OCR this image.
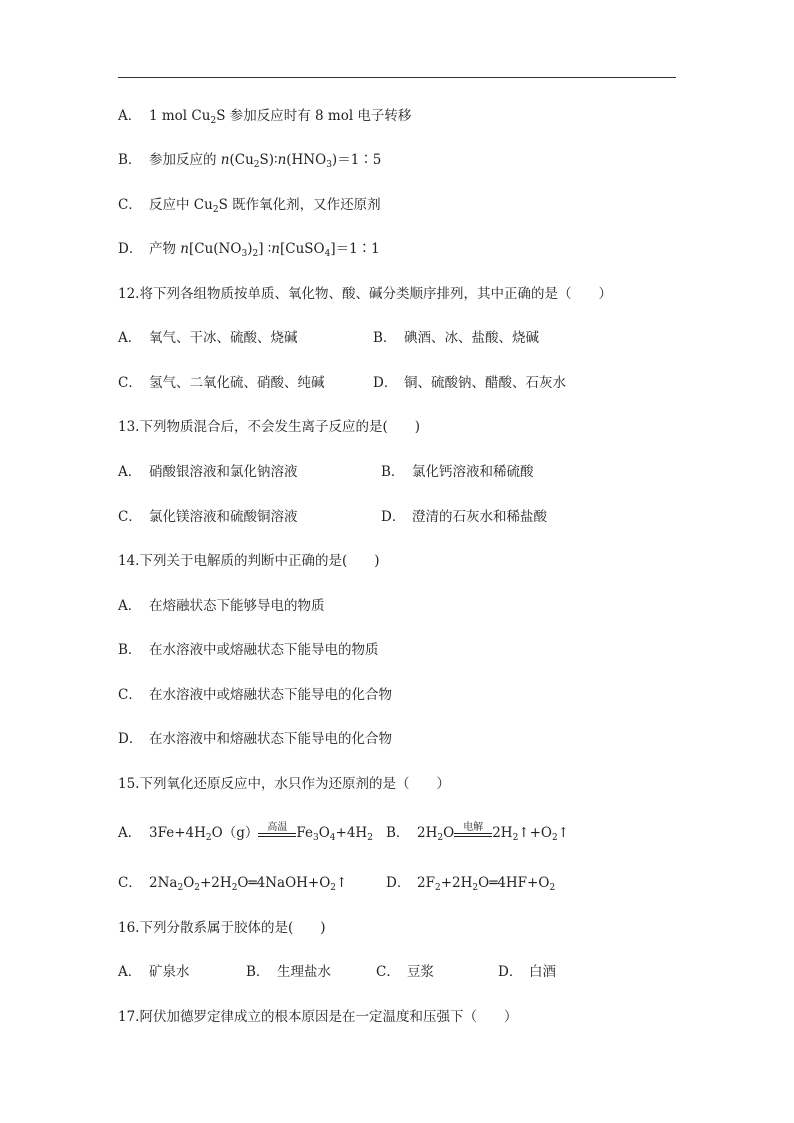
A． 1 mol $Cu_2S$ 参加反应时有 8 mol 电子转移
B． 参加反应的 $n(Cu_2S)∶n(HNO_3)=1∶5$
C． 反应中 $Cu_2S$ 既作氧化剂，又作还原剂
D． 产物 $n[Cu(NO_3)_2]$ ∶n[CuSO$_4$]＝1∶1
12.将下列各组物质按单质、氧化物、酸、碱分类顺序排列，其中正确的是（　　）
A． 氧气、干冰、硫酸、烧碱	B． 碘酒、冰、盐酸、烧碱
C． 氢气、二氧化硫、硝酸、纯碱	D． 铜、硫酸钠、醋酸、石灰水
13.下列物质混合后，不会发生离子反应的是(　　)
A． 硝酸银溶液和氯化钠溶液	B． 氯化钙溶液和稀硫酸
C． 氯化镁溶液和硫酸铜溶液	D． 澄清的石灰水和稀盐酸
14.下列关于电解质的判断中正确的是(　　)
A． 在熔融状态下能够导电的物质
B． 在水溶液中或熔融状态下能导电的物质
C． 在水溶液中或熔融状态下能导电的化合物
D． 在水溶液中和熔融状态下能导电的化合物
15.下列氧化还原反应中，水只作为还原剂的是（　　）
A． $3Fe+4H_2O(g)$ 高温 $Fe_3O_4+4H_2$ B． $2H_2O$ 电解 $2H_2↑+O_2↑$
C． $2Na_2O_2+2H_2O═4NaOH+O_2↑$	D． $2F_2+2H_2O═4HF+O_2$
16.下列分散系属于胶体的是(　　)
A． 矿泉水	B． 生理盐水	C． 豆浆	D． 白酒
17.阿伏加德罗定律成立的根本原因是在一定温度和压强下（　　）
